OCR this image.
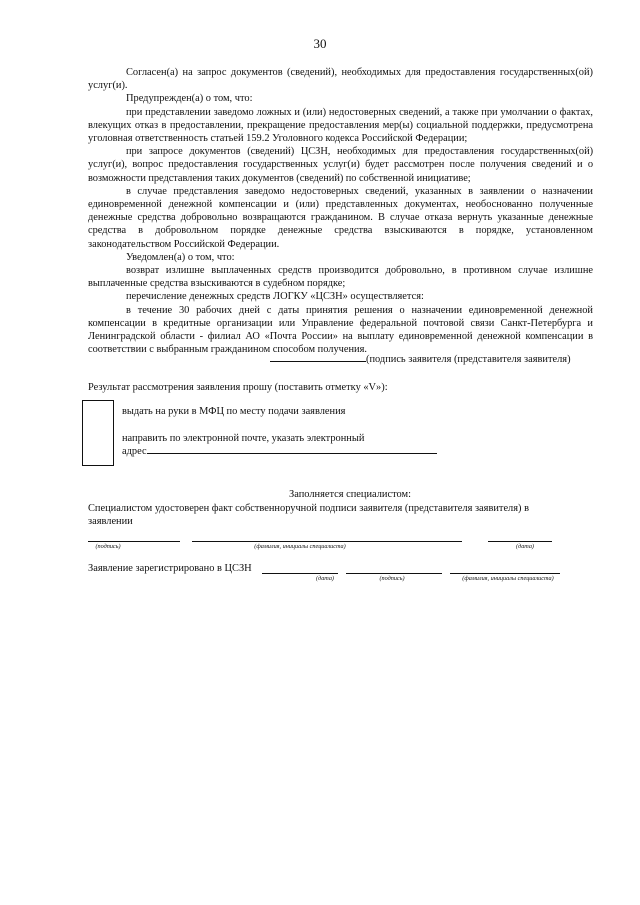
30

Согласен(а) на запрос документов (сведений), необходимых для предоставления государственных(ой) услуг(и).

Предупрежден(а) о том, что:

при представлении заведомо ложных и (или) недостоверных сведений, а также при умолчании о фактах, влекущих отказ в предоставлении, прекращение предоставления мер(ы) социальной поддержки, предусмотрена уголовная ответственность статьей 159.2 Уголовного кодекса Российской Федерации;

при запросе документов (сведений) ЦСЗН, необходимых для предоставления государственных(ой) услуг(и), вопрос предоставления государственных услуг(и) будет рассмотрен после получения сведений и о возможности представления таких документов (сведений) по собственной инициативе;

в случае представления заведомо недостоверных сведений, указанных в заявлении о назначении единовременной денежной компенсации и (или) представленных документах, необоснованно полученные денежные средства добровольно возвращаются гражданином. В случае отказа вернуть указанные денежные средства в добровольном порядке денежные средства взыскиваются в порядке, установленном законодательством Российской Федерации.

Уведомлен(а) о том, что:

возврат излишне выплаченных средств производится добровольно, в противном случае излишне выплаченные средства взыскиваются в судебном порядке;

перечисление денежных средств ЛОГКУ «ЦСЗН» осуществляется:

в течение 30 рабочих дней с даты принятия решения о назначении единовременной денежной компенсации в кредитные организации или Управление федеральной почтовой связи Санкт-Петербурга и Ленинградской области - филиал АО «Почта России» на выплату единовременной денежной компенсации в соответствии с выбранным гражданином способом получения.

(подпись заявителя (представителя заявителя)
Результат рассмотрения заявления прошу (поставить отметку «V»):
выдать на руки в МФЦ по месту подачи заявления
направить по электронной почте, указать электронный
адрес
Заполняется специалистом:
Специалистом удостоверен факт собственноручной подписи заявителя (представителя заявителя) в заявлении
(подпись)	(фамилия, инициалы специалиста)	(дата)
Заявление зарегистрировано в ЦСЗН
(дата)	(подпись)	(фамилия, инициалы специалиста)
